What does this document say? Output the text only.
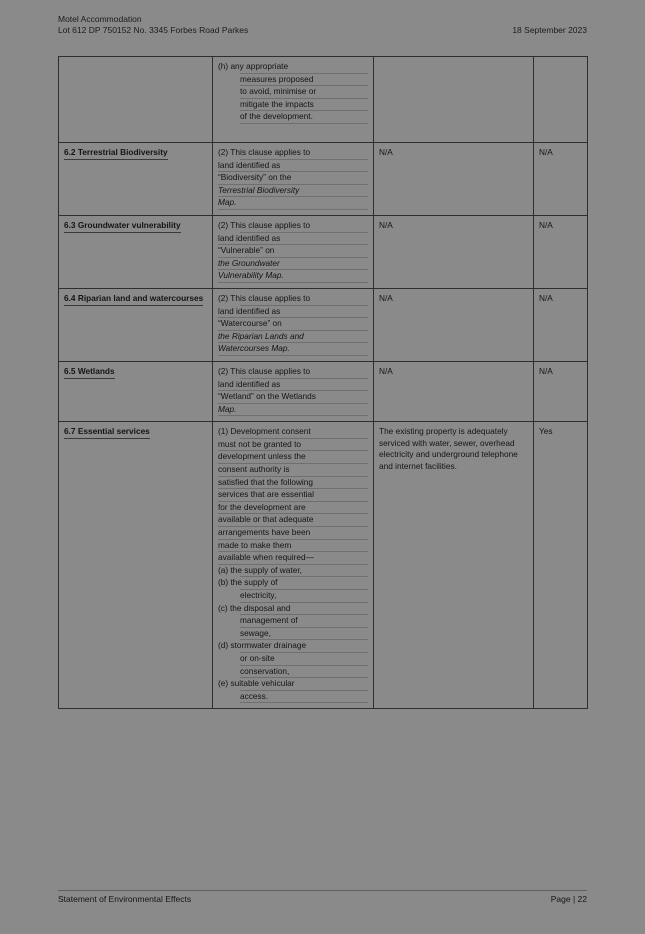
Motel Accommodation
Lot 612 DP 750152 No. 3345 Forbes Road Parkes	18 September 2023

	(h) any appropriate
measures proposed
to avoid, minimise or
mitigate the impacts
of the development.		

6.2 Terrestrial Biodiversity	(2) This clause applies to
land identified as
“Biodiversity” on the
Terrestrial Biodiversity
Map.	N/A	N/A
6.3 Groundwater vulnerability	(2) This clause applies to
land identified as
“Vulnerable” on
the Groundwater
Vulnerability Map.	N/A	N/A
6.4 Riparian land and watercourses	(2) This clause applies to
land identified as
“Watercourse” on
the Riparian Lands and
Watercourses Map.	N/A	N/A
6.5 Wetlands	(2) This clause applies to
land identified as
“Wetland” on the Wetlands
Map.	N/A	N/A
6.7 Essential services	(1) Development consent
must not be granted to
development unless the
consent authority is
satisfied that the following
services that are essential
for the development are
available or that adequate
arrangements have been
made to make them
available when required—
(a) the supply of water,
(b) the supply of
electricity,
(c) the disposal and
management of
sewage,
(d) stormwater drainage
or on-site
conservation,
(e) suitable vehicular
access.
	The existing property is adequately serviced with water, sewer, overhead electricity and underground telephone and internet facilities.	Yes
Statement of Environmental Effects	Page | 22
